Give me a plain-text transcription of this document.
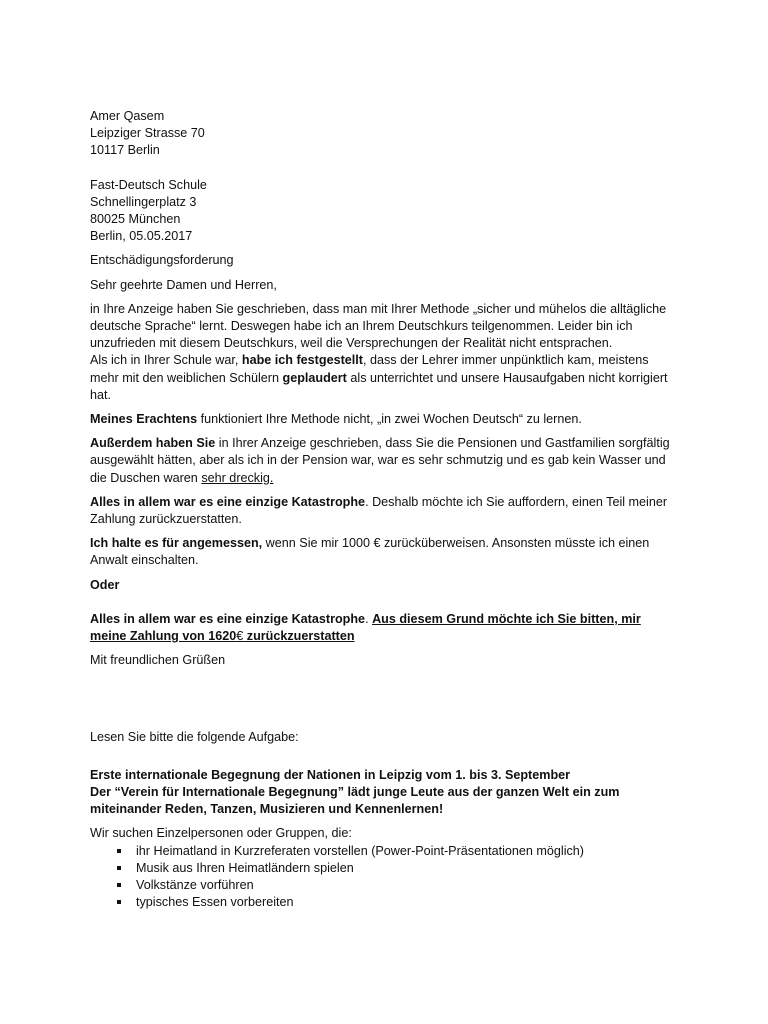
Amer Qasem

Leipziger Strasse 70

10117 Berlin

Fast-Deutsch Schule

Schnellingerplatz 3

80025 München

Berlin, 05.05.2017

Entschädigungsforderung

Sehr geehrte Damen und Herren,

in Ihre Anzeige haben Sie geschrieben, dass man mit Ihrer Methode „sicher und mühelos die alltägliche deutsche Sprache“ lernt. Deswegen habe ich an Ihrem Deutschkurs teilgenommen. Leider bin ich unzufrieden mit diesem Deutschkurs, weil die Versprechungen der Realität nicht entsprachen.

Als ich in Ihrer Schule war, habe ich festgestellt, dass der Lehrer immer unpünktlich kam, meistens mehr mit den weiblichen Schülern geplaudert als unterrichtet und unsere Hausaufgaben nicht korrigiert hat.

Meines Erachtens funktioniert Ihre Methode nicht, „in zwei Wochen Deutsch“ zu lernen.

Außerdem haben Sie in Ihrer Anzeige geschrieben, dass Sie die Pensionen und Gastfamilien sorgfältig ausgewählt hätten, aber als ich in der Pension war, war es sehr schmutzig und es gab kein Wasser und die Duschen waren sehr dreckig.

Alles in allem war es eine einzige Katastrophe. Deshalb möchte ich Sie auffordern, einen Teil meiner Zahlung zurückzuerstatten.

Ich halte es für angemessen, wenn Sie mir 1000 € zurücküberweisen. Ansonsten müsste ich einen Anwalt einschalten.

Oder

Alles in allem war es eine einzige Katastrophe. Aus diesem Grund möchte ich Sie bitten, mir meine Zahlung von 1620€ zurückzuerstatten

Mit freundlichen Grüßen

Lesen Sie bitte die folgende Aufgabe:

Erste internationale Begegnung der Nationen in Leipzig vom 1. bis 3. September

Der “Verein für Internationale Begegnung” lädt junge Leute aus der ganzen Welt ein zum miteinander Reden, Tanzen, Musizieren und Kennenlernen!

Wir suchen Einzelpersonen oder Gruppen, die:

ihr Heimatland in Kurzreferaten vorstellen (Power-Point-Präsentationen möglich)
Musik aus Ihren Heimatländern spielen
Volkstänze vorführen
typisches Essen vorbereiten
